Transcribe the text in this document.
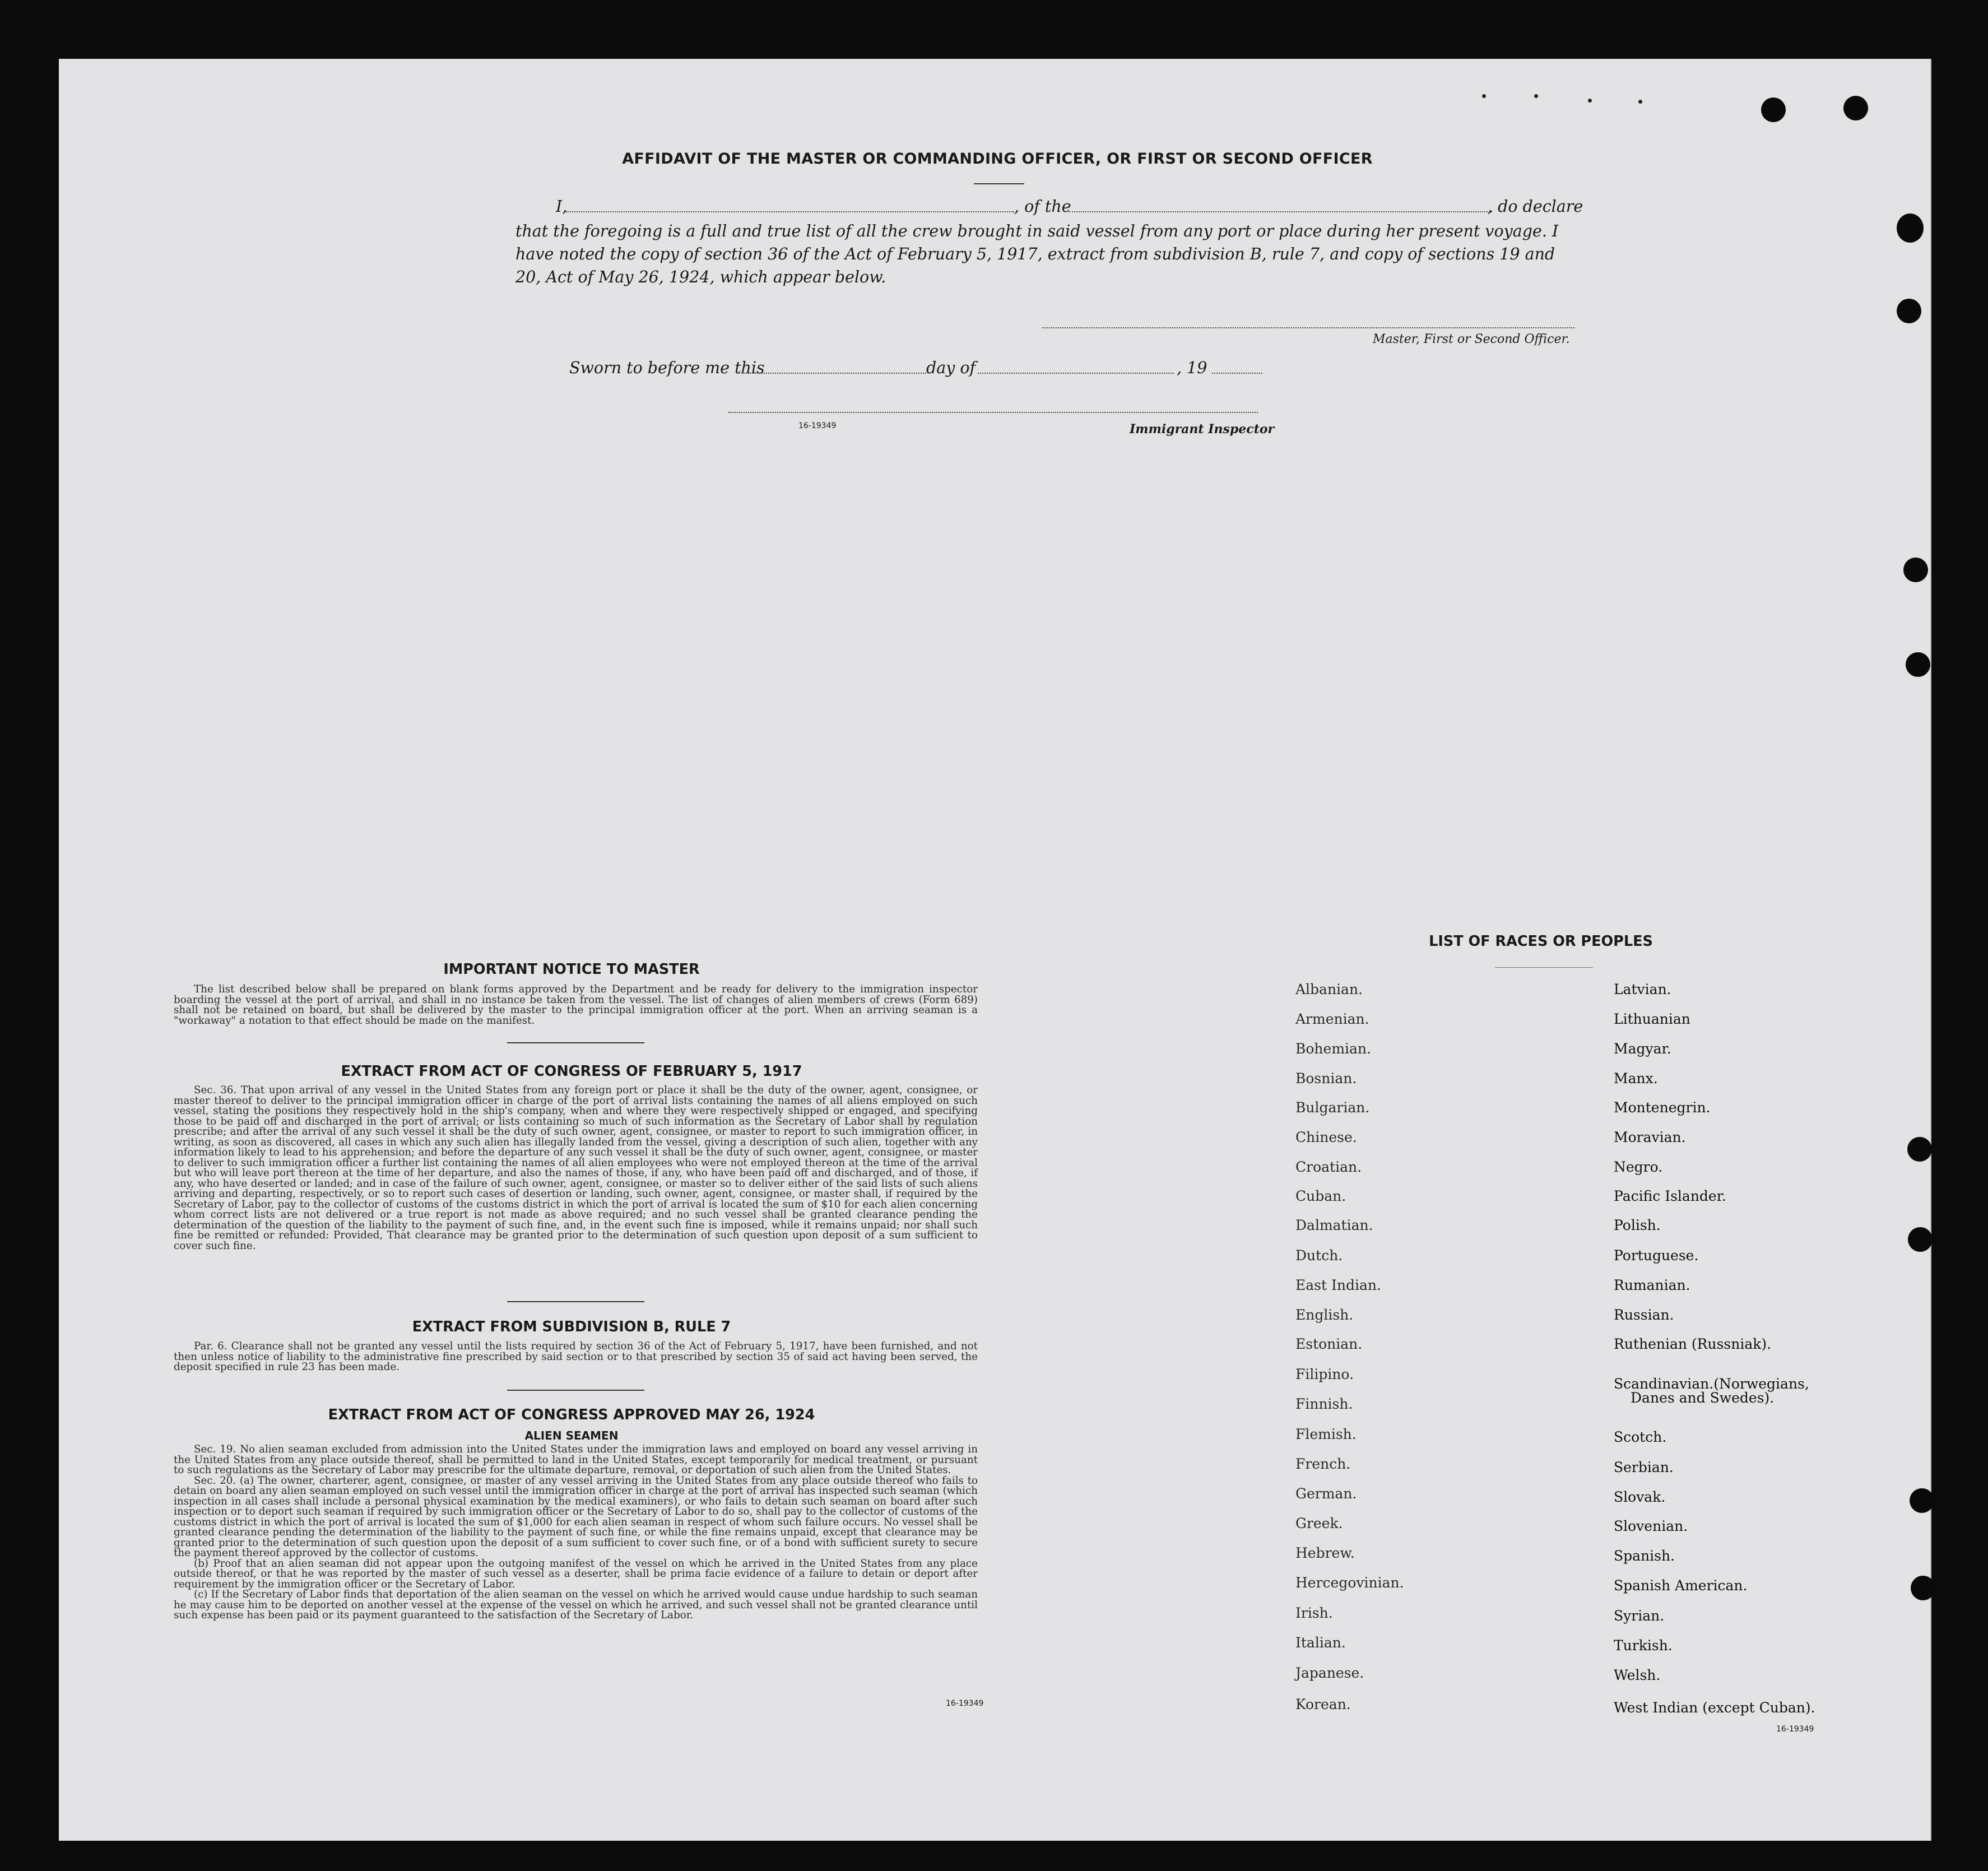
AFFIDAVIT OF THE MASTER OR COMMANDING OFFICER, OR FIRST OR SECOND OFFICER
I,	, of the	, do declare
that the foregoing is a full and true list of all the crew brought in said vessel from any port or place during her present voyage. I have noted the copy of section 36 of the Act of February 5, 1917, extract from subdivision B, rule 7, and copy of sections 19 and 20, Act of May 26, 1924, which appear below.
Master, First or Second Officer.
Sworn to before me this	day of	, 19
16-19349	Immigrant Inspector
IMPORTANT NOTICE TO MASTER

The list described below shall be prepared on blank forms approved by the Department and be ready for delivery to the immigration inspector boarding the vessel at the port of arrival, and shall in no instance be taken from the vessel. The list of changes of alien members of crews (Form 689) shall not be retained on board, but shall be delivered by the master to the principal immigration officer at the port. When an arriving seaman is a "workaway" a notation to that effect should be made on the manifest.

EXTRACT FROM ACT OF CONGRESS OF FEBRUARY 5, 1917

Sec. 36. That upon arrival of any vessel in the United States from any foreign port or place it shall be the duty of the owner, agent, consignee, or master thereof to deliver to the principal immigration officer in charge of the port of arrival lists containing the names of all aliens employed on such vessel, stating the positions they respectively hold in the ship's company, when and where they were respectively shipped or engaged, and specifying those to be paid off and discharged in the port of arrival; or lists containing so much of such information as the Secretary of Labor shall by regulation prescribe; and after the arrival of any such vessel it shall be the duty of such owner, agent, consignee, or master to report to such immigration officer, in writing, as soon as discovered, all cases in which any such alien has illegally landed from the vessel, giving a description of such alien, together with any information likely to lead to his apprehension; and before the departure of any such vessel it shall be the duty of such owner, agent, consignee, or master to deliver to such immigration officer a further list containing the names of all alien employees who were not employed thereon at the time of the arrival but who will leave port thereon at the time of her departure, and also the names of those, if any, who have been paid off and discharged, and of those, if any, who have deserted or landed; and in case of the failure of such owner, agent, consignee, or master so to deliver either of the said lists of such aliens arriving and departing, respectively, or so to report such cases of desertion or landing, such owner, agent, consignee, or master shall, if required by the Secretary of Labor, pay to the collector of customs of the customs district in which the port of arrival is located the sum of $10 for each alien concerning whom correct lists are not delivered or a true report is not made as above required; and no such vessel shall be granted clearance pending the determination of the question of the liability to the payment of such fine, and, in the event such fine is imposed, while it remains unpaid; nor shall such fine be remitted or refunded: Provided, That clearance may be granted prior to the determination of such question upon deposit of a sum sufficient to cover such fine.

EXTRACT FROM SUBDIVISION B, RULE 7

Par. 6. Clearance shall not be granted any vessel until the lists required by section 36 of the Act of February 5, 1917, have been furnished, and not then unless notice of liability to the administrative fine prescribed by said section or to that prescribed by section 35 of said act having been served, the deposit specified in rule 23 has been made.

EXTRACT FROM ACT OF CONGRESS APPROVED MAY 26, 1924
ALIEN SEAMEN

Sec. 19. No alien seaman excluded from admission into the United States under the immigration laws and employed on board any vessel arriving in the United States from any place outside thereof, shall be permitted to land in the United States, except temporarily for medical treatment, or pursuant to such regulations as the Secretary of Labor may prescribe for the ultimate departure, removal, or deportation of such alien from the United States.

Sec. 20. (a) The owner, charterer, agent, consignee, or master of any vessel arriving in the United States from any place outside thereof who fails to detain on board any alien seaman employed on such vessel until the immigration officer in charge at the port of arrival has inspected such seaman (which inspection in all cases shall include a personal physical examination by the medical examiners), or who fails to detain such seaman on board after such inspection or to deport such seaman if required by such immigration officer or the Secretary of Labor to do so, shall pay to the collector of customs of the customs district in which the port of arrival is located the sum of $1,000 for each alien seaman in respect of whom such failure occurs. No vessel shall be granted clearance pending the determination of the liability to the payment of such fine, or while the fine remains unpaid, except that clearance may be granted prior to the determination of such question upon the deposit of a sum sufficient to cover such fine, or of a bond with sufficient surety to secure the payment thereof approved by the collector of customs.

(b) Proof that an alien seaman did not appear upon the outgoing manifest of the vessel on which he arrived in the United States from any place outside thereof, or that he was reported by the master of such vessel as a deserter, shall be prima facie evidence of a failure to detain or deport after requirement by the immigration officer or the Secretary of Labor.

(c) If the Secretary of Labor finds that deportation of the alien seaman on the vessel on which he arrived would cause undue hardship to such seaman he may cause him to be deported on another vessel at the expense of the vessel on which he arrived, and such vessel shall not be granted clearance until such expense has been paid or its payment guaranteed to the satisfaction of the Secretary of Labor.

16-19349
LIST OF RACES OR PEOPLES
Albanian.
Armenian.
Bohemian.
Bosnian.
Bulgarian.
Chinese.
Croatian.
Cuban.
Dalmatian.
Dutch.
East Indian.
English.
Estonian.
Filipino.
Finnish.
Flemish.
French.
German.
Greek.
Hebrew.
Hercegovinian.
Irish.
Italian.
Japanese.
Korean.
Latvian.
Lithuanian
Magyar.
Manx.
Montenegrin.
Moravian.
Negro.
Pacific Islander.
Polish.
Portuguese.
Rumanian.
Russian.
Ruthenian (Russniak).
Scandinavian.(Norwegians,
Danes and Swedes).
Scotch.
Serbian.
Slovak.
Slovenian.
Spanish.
Spanish American.
Syrian.
Turkish.
Welsh.
West Indian (except Cuban).
16-19349
